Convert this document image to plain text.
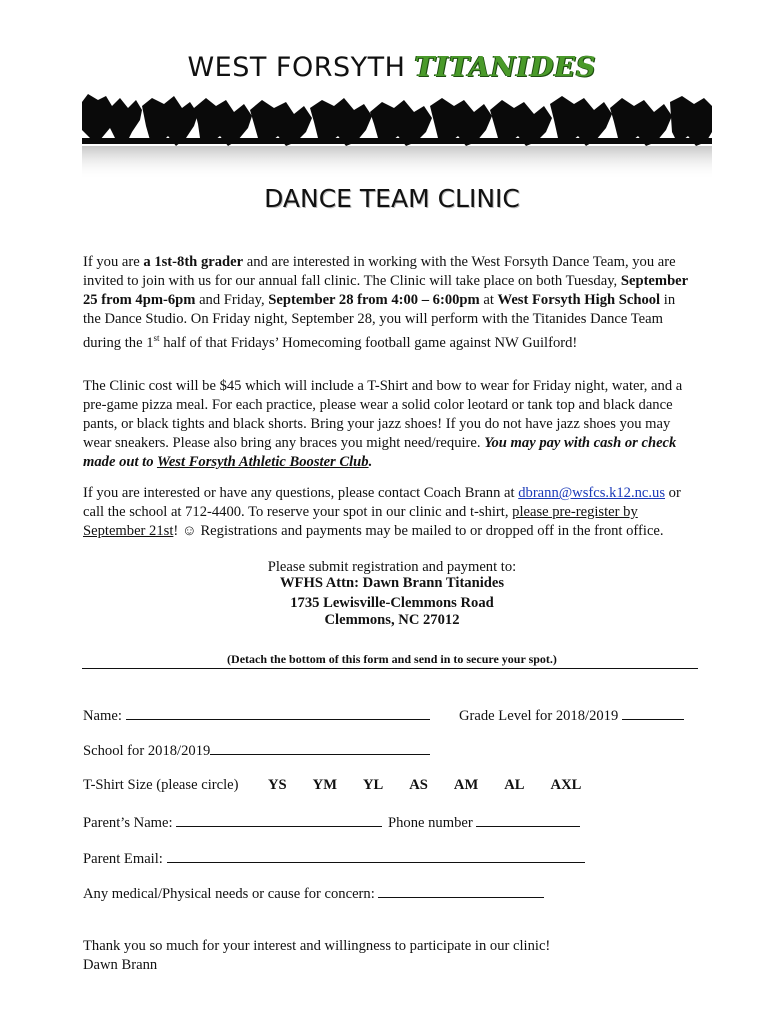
WEST FORSYTH TITANIDES
DANCE TEAM CLINIC
If you are a 1st-8th grader and are interested in working with the West Forsyth Dance Team, you are invited to join with us for our annual fall clinic. The Clinic will take place on both Tuesday, September 25 from 4pm-6pm and Friday, September 28 from 4:00 – 6:00pm at West Forsyth High School in the Dance Studio. On Friday night, September 28, you will perform with the Titanides Dance Team during the 1st half of that Fridays’ Homecoming football game against NW Guilford!
The Clinic cost will be $45 which will include a T-Shirt and bow to wear for Friday night, water, and a pre-game pizza meal. For each practice, please wear a solid color leotard or tank top and black dance pants, or black tights and black shorts. Bring your jazz shoes! If you do not have jazz shoes you may wear sneakers. Please also bring any braces you might need/require. You may pay with cash or check made out to West Forsyth Athletic Booster Club.
If you are interested or have any questions, please contact Coach Brann at dbrann@wsfcs.k12.nc.us or call the school at 712-4400. To reserve your spot in our clinic and t-shirt, please pre-register by September 21st! ☺ Registrations and payments may be mailed to or dropped off in the front office.
Please submit registration and payment to:
WFHS Attn: Dawn Brann Titanides
1735 Lewisville-Clemmons Road
Clemmons, NC 27012
(Detach the bottom of this form and send in to secure your spot.)
Name:	Grade Level for 2018/2019
School for 2018/2019
T-Shirt Size (please circle) YS YM YL AS AM AL AXL
Parent’s Name:	Phone number
Parent Email:
Any medical/Physical needs or cause for concern:
Thank you so much for your interest and willingness to participate in our clinic!
Dawn Brann
